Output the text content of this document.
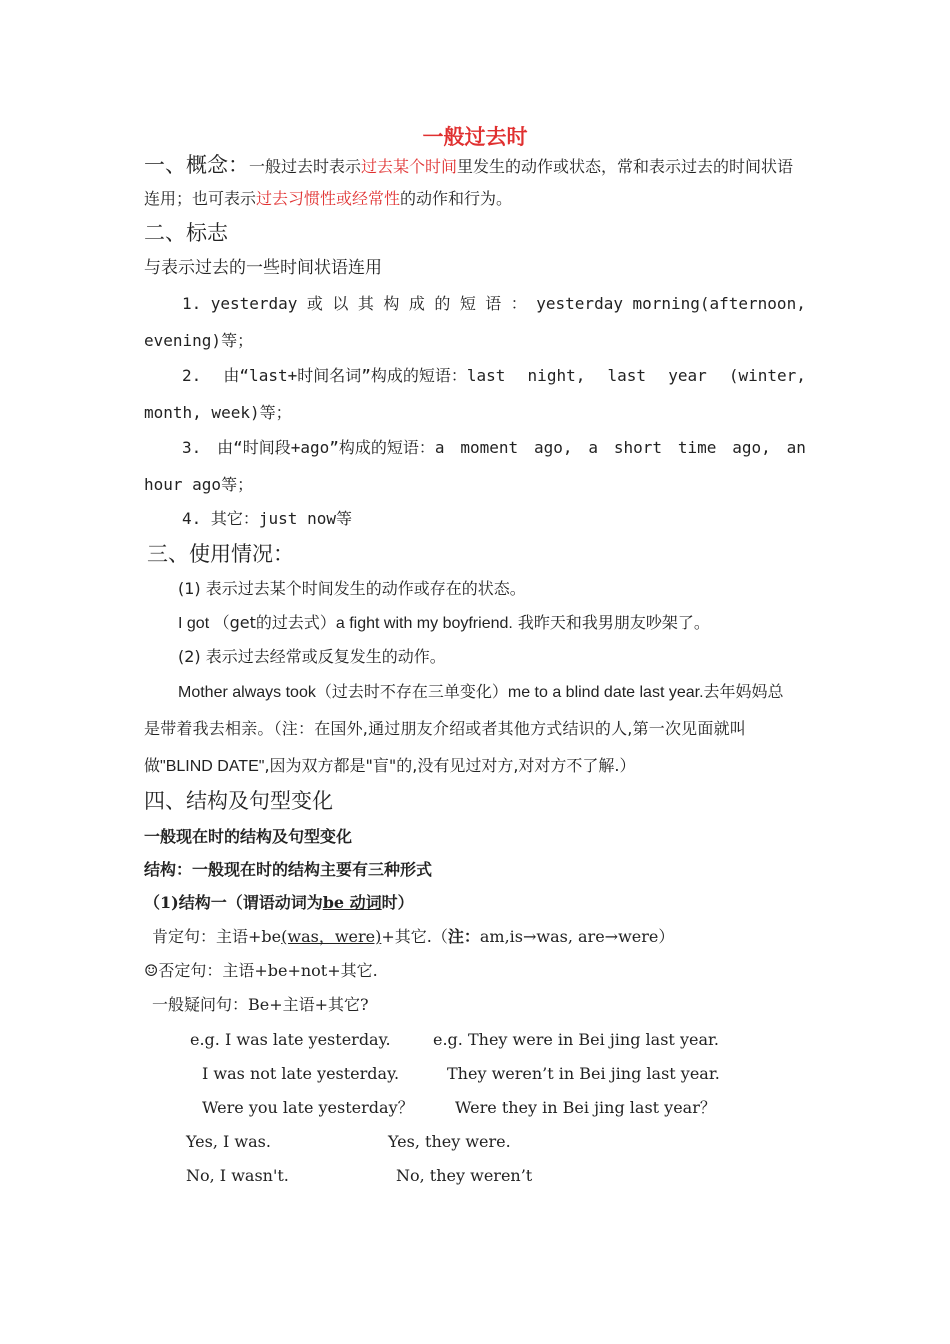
一般过去时
一、概念：一般过去时表示过去某个时间里发生的动作或状态，常和表示过去的时间状语
连用；也可表示过去习惯性或经常性的动作和行为。
二、标志
与表示过去的一些时间状语连用
1. yesterday 或 以 其 构 成 的 短 语 ： yesterday morning(afternoon,
evening)等；
2. 由“last+时间名词”构成的短语：last night, last year (winter,
month, week)等；
3. 由“时间段+ago”构成的短语：a moment ago, a short time ago, an
hour ago等；
4. 其它：just now等
三、使用情况：
(1) 表示过去某个时间发生的动作或存在的状态。
I got （get的过去式）a fight with my boyfriend. 我昨天和我男朋友吵架了。
(2) 表示过去经常或反复发生的动作。
Mother always took（过去时不存在三单变化）me to a blind date last year.去年妈妈总
是带着我去相亲。（注：在国外,通过朋友介绍或者其他方式结识的人,第一次见面就叫
做"BLIND DATE",因为双方都是"盲"的,没有见过对方,对对方不了解.）
四、结构及句型变化
一般现在时的结构及句型变化
结构：一般现在时的结构主要有三种形式
（1)结构一（谓语动词为be 动词时）
肯定句：主语+be(was，were)+其它.（注：am,is→was, are→were）
☺否定句：主语+be+not+其它.
一般疑问句：Be+主语+其它?
e.g. I was late yesterday.
I was not late yesterday.
Were you late yesterday？
Yes, I was.
No, I wasn't.
e.g. They were in Bei jing last year.
They weren’t in Bei jing last year.
Were they in Bei jing last year？
Yes, they were.
No, they weren’t
